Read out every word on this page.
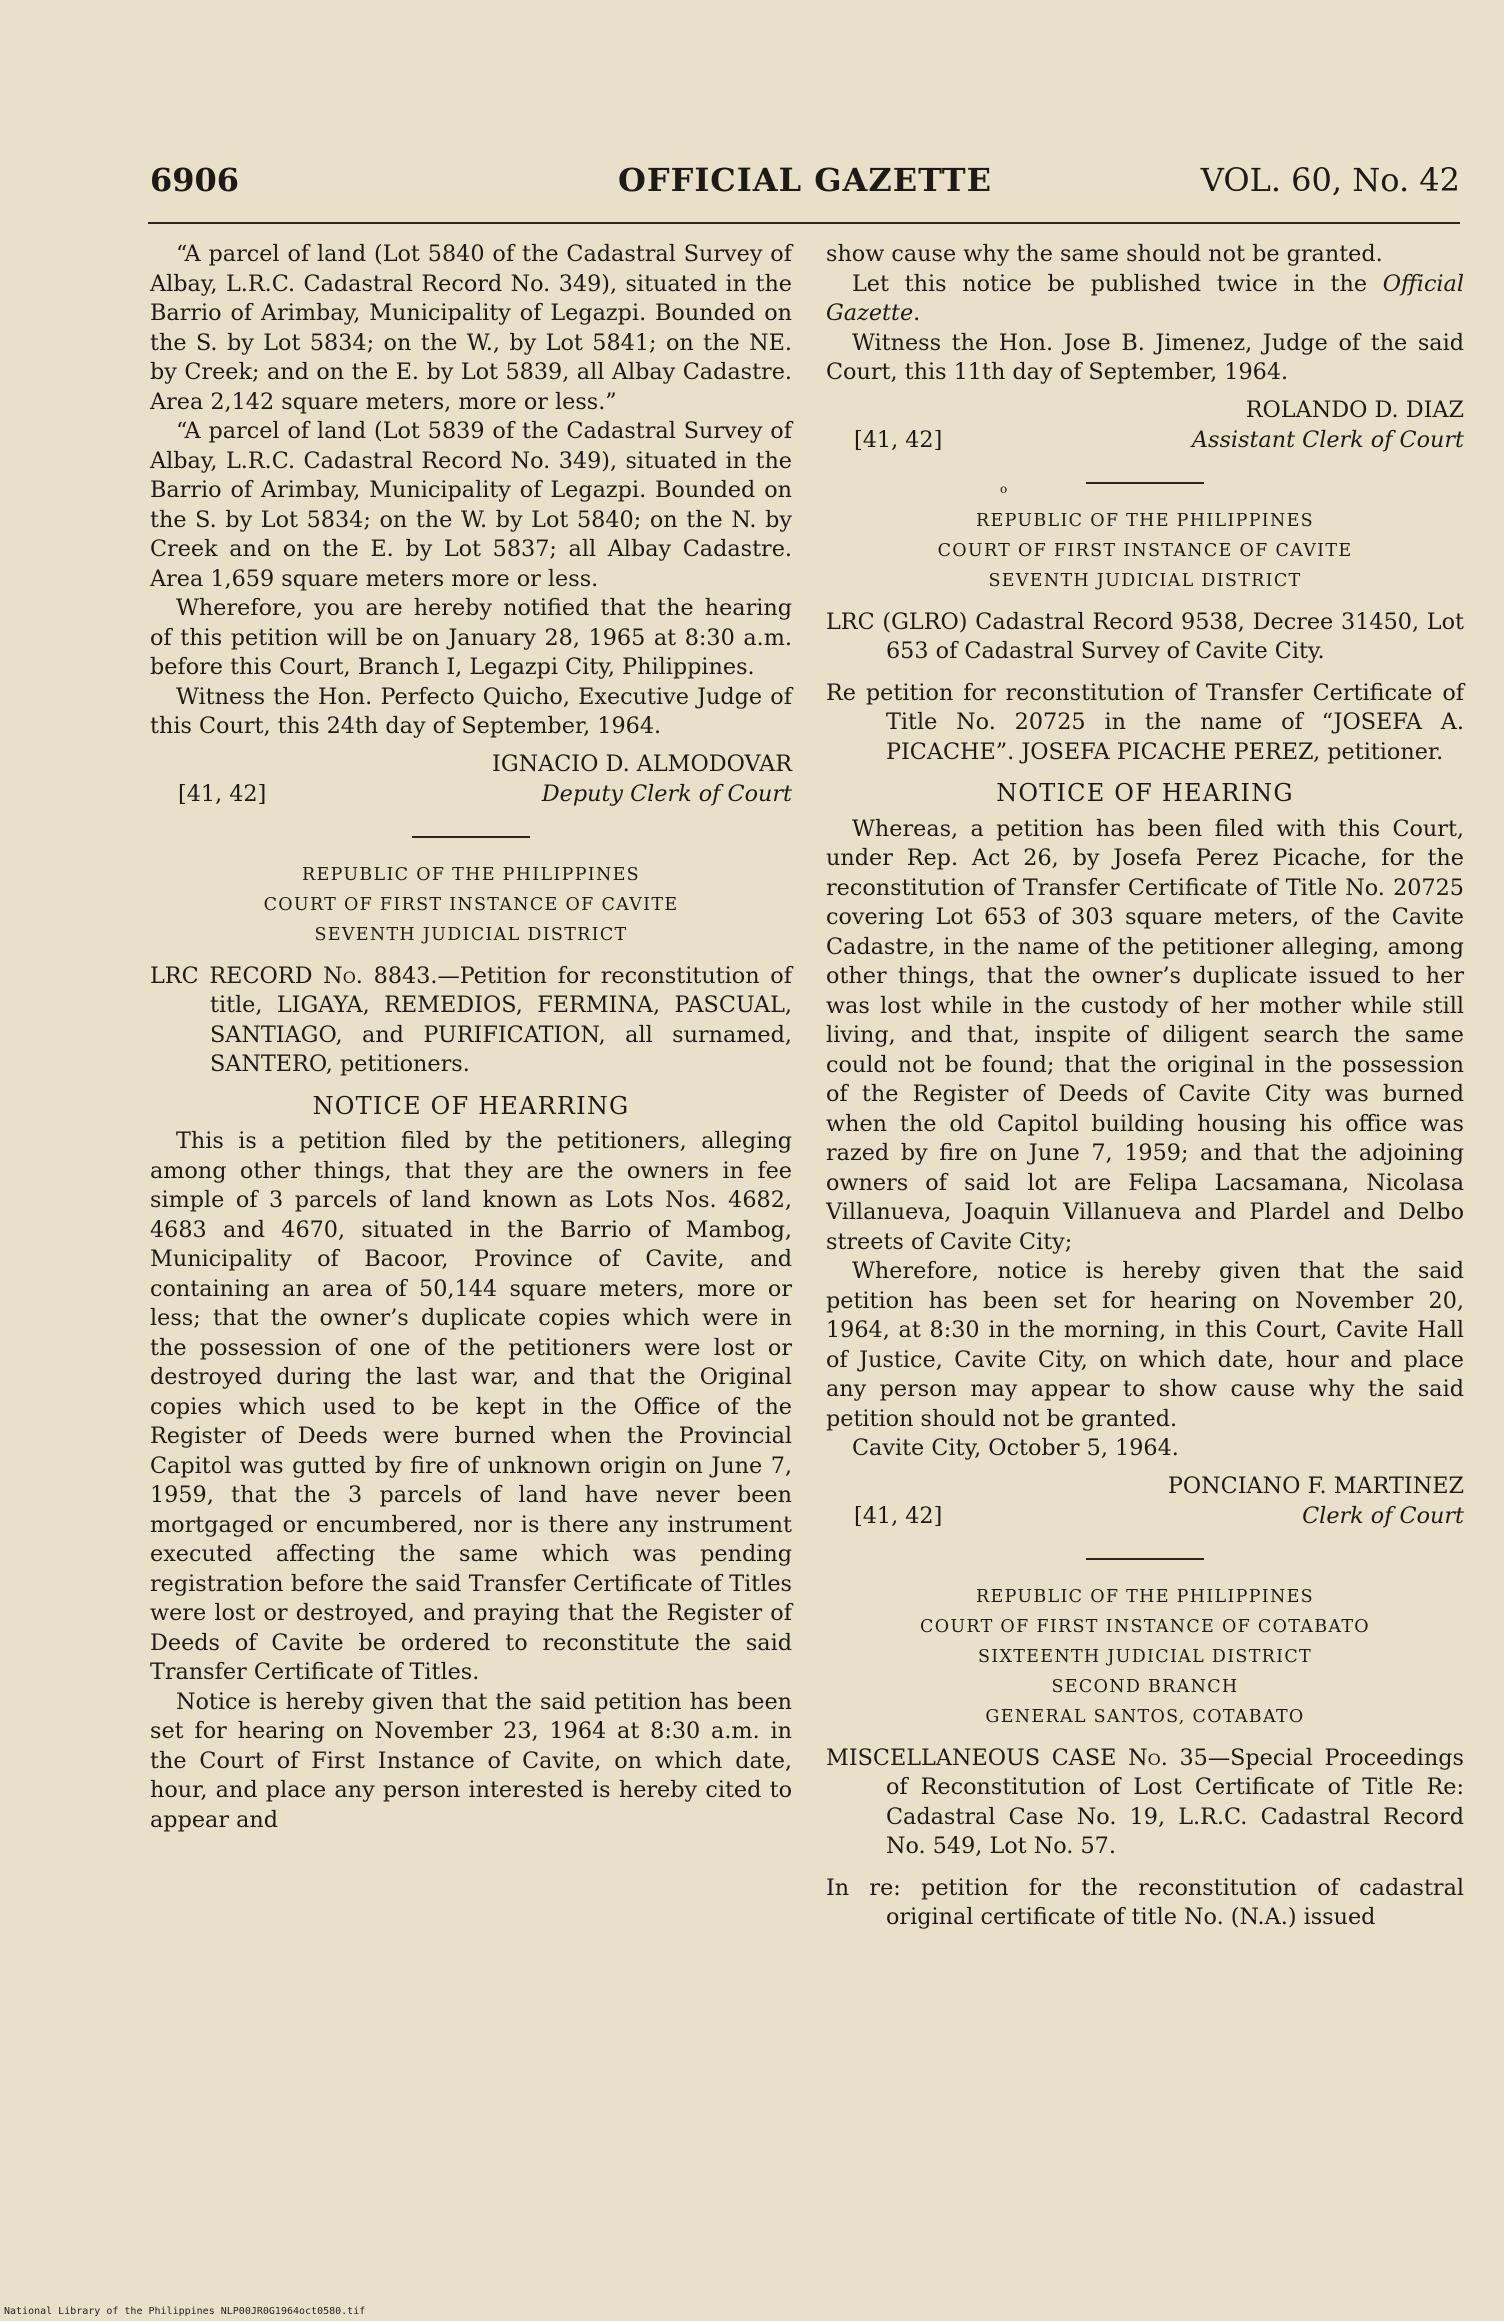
6906	OFFICIAL GAZETTE	VOL. 60, No. 42

“A parcel of land (Lot 5840 of the Cadastral Survey of Albay, L.R.C. Cadastral Record No. 349), situated in the Barrio of Arimbay, Municipality of Legazpi. Bounded on the S. by Lot 5834; on the W., by Lot 5841; on the NE. by Creek; and on the E. by Lot 5839, all Albay Cadastre. Area 2,142 square meters, more or less.”

“A parcel of land (Lot 5839 of the Cadastral Survey of Albay, L.R.C. Cadastral Record No. 349), situated in the Barrio of Arimbay, Municipality of Legazpi. Bounded on the S. by Lot 5834; on the W. by Lot 5840; on the N. by Creek and on the E. by Lot 5837; all Albay Cadastre. Area 1,659 square meters more or less.

Wherefore, you are hereby notified that the hearing of this petition will be on January 28, 1965 at 8:30 a.m. before this Court, Branch I, Legazpi City, Philippines.

Witness the Hon. Perfecto Quicho, Executive Judge of this Court, this 24th day of September, 1964.

IGNACIO D. ALMODOVAR
[41, 42]	Deputy Clerk of Court
REPUBLIC OF THE PHILIPPINES
COURT OF FIRST INSTANCE OF CAVITE
SEVENTH JUDICIAL DISTRICT

LRC RECORD No. 8843.—Petition for reconstitution of title, LIGAYA, REMEDIOS, FERMINA, PASCUAL, SANTIAGO, and PURIFICATION, all surnamed, SANTERO, petitioners.

NOTICE OF HEARRING

This is a petition filed by the petitioners, alleging among other things, that they are the owners in fee simple of 3 parcels of land known as Lots Nos. 4682, 4683 and 4670, situated in the Barrio of Mambog, Municipality of Bacoor, Province of Cavite, and containing an area of 50,144 square meters, more or less; that the owner’s duplicate copies which were in the possession of one of the petitioners were lost or destroyed during the last war, and that the Original copies which used to be kept in the Office of the Register of Deeds were burned when the Provincial Capitol was gutted by fire of unknown origin on June 7, 1959, that the 3 parcels of land have never been mortgaged or encumbered, nor is there any instrument executed affecting the same which was pending registration before the said Transfer Certificate of Titles were lost or destroyed, and praying that the Register of Deeds of Cavite be ordered to reconstitute the said Transfer Certificate of Titles.

Notice is hereby given that the said petition has been set for hearing on November 23, 1964 at 8:30 a.m. in the Court of First Instance of Cavite, on which date, hour, and place any person interested is hereby cited to appear and

show cause why the same should not be granted.

Let this notice be published twice in the Official Gazette.

Witness the Hon. Jose B. Jimenez, Judge of the said Court, this 11th day of September, 1964.

ROLANDO D. DIAZ
[41, 42]	Assistant Clerk of Court
REPUBLIC OF THE PHILIPPINES
COURT OF FIRST INSTANCE OF CAVITE
SEVENTH JUDICIAL DISTRICT

LRC (GLRO) Cadastral Record 9538, Decree 31450, Lot 653 of Cadastral Survey of Cavite City.

Re petition for reconstitution of Transfer Certificate of Title No. 20725 in the name of “JOSEFA A. PICACHE”. JOSEFA PICACHE PEREZ, petitioner.

NOTICE OF HEARING

Whereas, a petition has been filed with this Court, under Rep. Act 26, by Josefa Perez Picache, for the reconstitution of Transfer Certificate of Title No. 20725 covering Lot 653 of 303 square meters, of the Cavite Cadastre, in the name of the petitioner alleging, among other things, that the owner’s duplicate issued to her was lost while in the custody of her mother while still living, and that, inspite of diligent search the same could not be found; that the original in the possession of the Register of Deeds of Cavite City was burned when the old Capitol building housing his office was razed by fire on June 7, 1959; and that the adjoining owners of said lot are Felipa Lacsamana, Nicolasa Villanueva, Joaquin Villanueva and Plardel and Delbo streets of Cavite City;

Wherefore, notice is hereby given that the said petition has been set for hearing on November 20, 1964, at 8:30 in the morning, in this Court, Cavite Hall of Justice, Cavite City, on which date, hour and place any person may appear to show cause why the said petition should not be granted.

Cavite City, October 5, 1964.

PONCIANO F. MARTINEZ
[41, 42]	Clerk of Court
REPUBLIC OF THE PHILIPPINES
COURT OF FIRST INSTANCE OF COTABATO
SIXTEENTH JUDICIAL DISTRICT
SECOND BRANCH
GENERAL SANTOS, COTABATO

MISCELLANEOUS CASE No. 35—Special Proceedings of Reconstitution of Lost Certificate of Title Re: Cadastral Case No. 19, L.R.C. Cadastral Record No. 549, Lot No. 57.

In re: petition for the reconstitution of cadastral original certificate of title No. (N.A.) issued

o
National Library of the Philippines NLP00JR0G1964oct0580.tif
